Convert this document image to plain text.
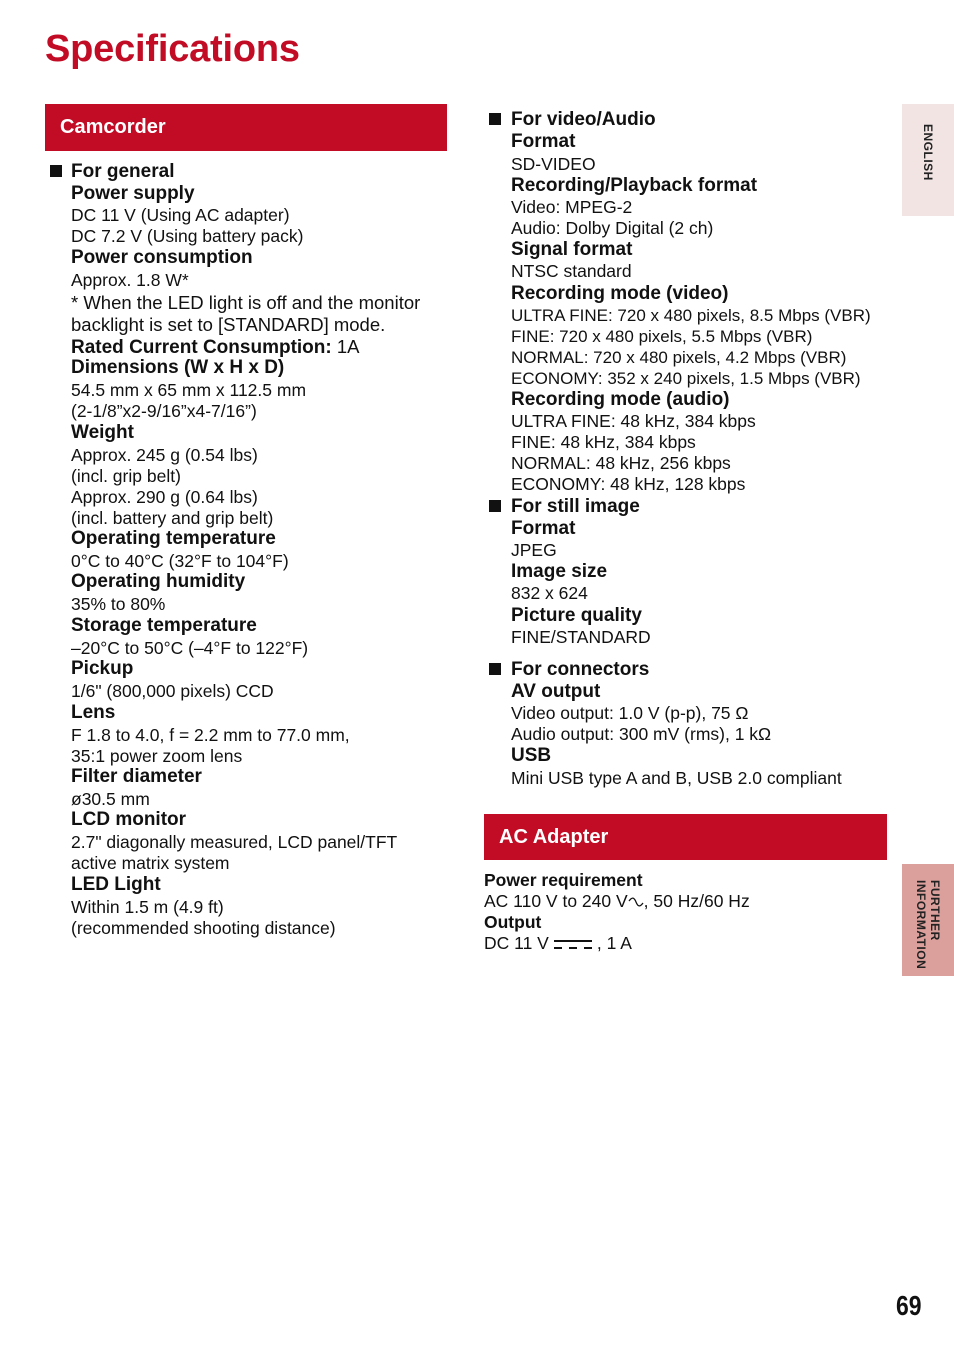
Specifications
Camcorder
For general
Power supply
DC 11 V (Using AC adapter)
DC 7.2 V (Using battery pack)
Power consumption
Approx. 1.8 W*
* When the LED light is off and the monitor
backlight is set to [STANDARD] mode.
Rated Current Consumption: 1A
Dimensions (W x H x D)
54.5 mm x 65 mm x 112.5 mm
(2-1/8”x2-9/16”x4-7/16”)
Weight
Approx. 245 g (0.54 lbs)
(incl. grip belt)
Approx. 290 g (0.64 lbs)
(incl. battery and grip belt)
Operating temperature
0°C to 40°C (32°F to 104°F)
Operating humidity
35% to 80%
Storage temperature
–20°C to 50°C (–4°F to 122°F)
Pickup
1/6" (800,000 pixels) CCD
Lens
F 1.8 to 4.0, f = 2.2 mm to 77.0 mm,
35:1 power zoom lens
Filter diameter
ø30.5 mm
LCD monitor
2.7" diagonally measured, LCD panel/TFT
active matrix system
LED Light
Within 1.5 m (4.9 ft)
(recommended shooting distance)
For video/Audio
Format
SD-VIDEO
Recording/Playback format
Video: MPEG-2
Audio: Dolby Digital (2 ch)
Signal format
NTSC standard
Recording mode (video)
ULTRA FINE: 720 x 480 pixels, 8.5 Mbps (VBR)
FINE: 720 x 480 pixels, 5.5 Mbps (VBR)
NORMAL: 720 x 480 pixels, 4.2 Mbps (VBR)
ECONOMY: 352 x 240 pixels, 1.5 Mbps (VBR)
Recording mode (audio)
ULTRA FINE: 48 kHz, 384 kbps
FINE: 48 kHz, 384 kbps
NORMAL: 48 kHz, 256 kbps
ECONOMY: 48 kHz, 128 kbps
For still image
Format
JPEG
Image size
832 x 624
Picture quality
FINE/STANDARD
For connectors
AV output
Video output: 1.0 V (p-p), 75 Ω
Audio output: 300 mV (rms), 1 kΩ
USB
Mini USB type A and B, USB 2.0 compliant
AC Adapter
Power requirement
AC 110 V to 240 V , 50 Hz/60 Hz
Output
DC 11 V	, 1 A
ENGLISH
FURTHER
INFORMATION
69
